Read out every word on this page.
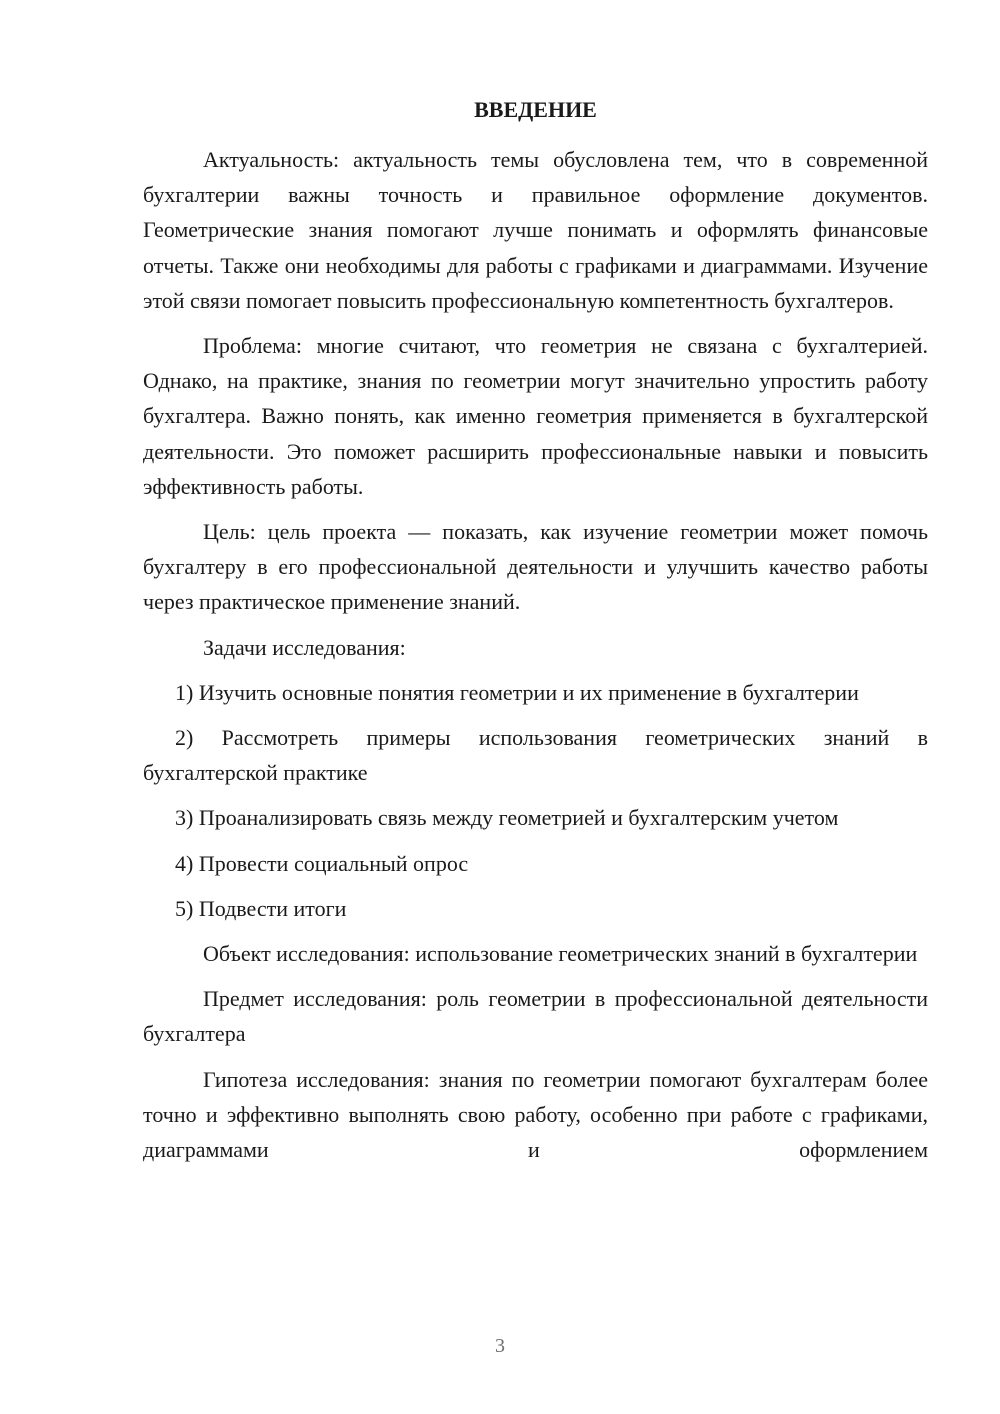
ВВЕДЕНИЕ

Актуальность: актуальность темы обусловлена тем, что в современной бухгалтерии важны точность и правильное оформление документов. Геометрические знания помогают лучше понимать и оформлять финансовые отчеты. Также они необходимы для работы с графиками и диаграммами. Изучение этой связи помогает повысить профессиональную компетентность бухгалтеров.

Проблема: многие считают, что геометрия не связана с бухгалтерией. Однако, на практике, знания по геометрии могут значительно упростить работу бухгалтера. Важно понять, как именно геометрия применяется в бухгалтерской деятельности. Это поможет расширить профессиональные навыки и повысить эффективность работы.

Цель: цель проекта — показать, как изучение геометрии может помочь бухгалтеру в его профессиональной деятельности и улучшить качество работы через практическое применение знаний.

Задачи исследования:

1) Изучить основные понятия геометрии и их применение в бухгалтерии

2) Рассмотреть примеры использования геометрических знаний в бухгалтерской практике

3) Проанализировать связь между геометрией и бухгалтерским учетом

4) Провести социальный опрос

5) Подвести итоги

Объект исследования: использование геометрических знаний в бухгалтерии

Предмет исследования: роль геометрии в профессиональной деятельности бухгалтера

Гипотеза исследования: знания по геометрии помогают бухгалтерам более точно и эффективно выполнять свою работу, особенно при работе с графиками, диаграммами и оформлением

3
